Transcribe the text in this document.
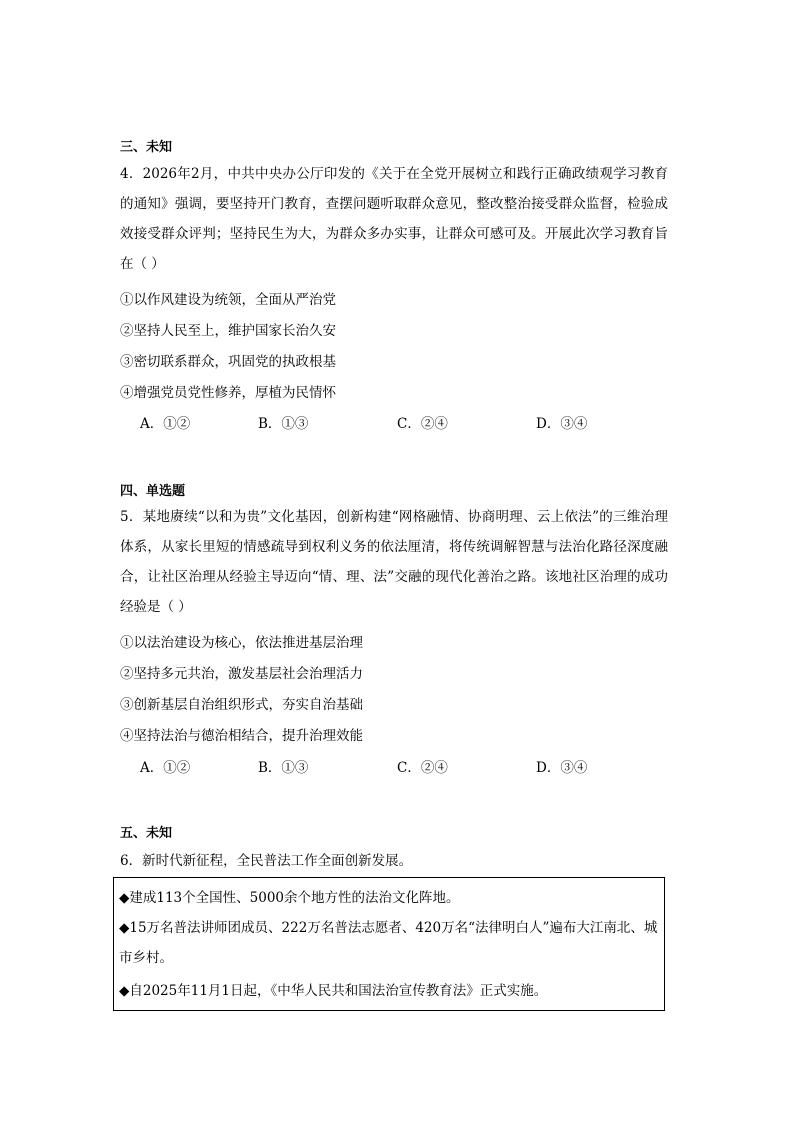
三、未知
4．2026年2月，中共中央办公厅印发的《关于在全党开展树立和践行正确政绩观学习教育的通知》强调，要坚持开门教育，查摆问题听取群众意见，整改整治接受群众监督，检验成效接受群众评判；坚持民生为大，为群众多办实事，让群众可感可及。开展此次学习教育旨在（ ）
①以作风建设为统领，全面从严治党
②坚持人民至上，维护国家长治久安
③密切联系群众，巩固党的执政根基
④增强党员党性修养，厚植为民情怀
A．①②	B．①③	C．②④	D．③④
四、单选题
5．某地赓续“以和为贵”文化基因，创新构建“网格融情、协商明理、云上依法”的三维治理体系，从家长里短的情感疏导到权利义务的依法厘清，将传统调解智慧与法治化路径深度融合，让社区治理从经验主导迈向“情、理、法”交融的现代化善治之路。该地社区治理的成功经验是（ ）
①以法治建设为核心，依法推进基层治理
②坚持多元共治，激发基层社会治理活力
③创新基层自治组织形式，夯实自治基础
④坚持法治与德治相结合，提升治理效能
A．①②	B．①③	C．②④	D．③④
五、未知
6．新时代新征程，全民普法工作全面创新发展。
◆建成113个全国性、5000余个地方性的法治文化阵地。
◆15万名普法讲师团成员、222万名普法志愿者、420万名“法律明白人”遍布大江南北、城市乡村。
◆自2025年11月1日起，《中华人民共和国法治宣传教育法》正式实施。
